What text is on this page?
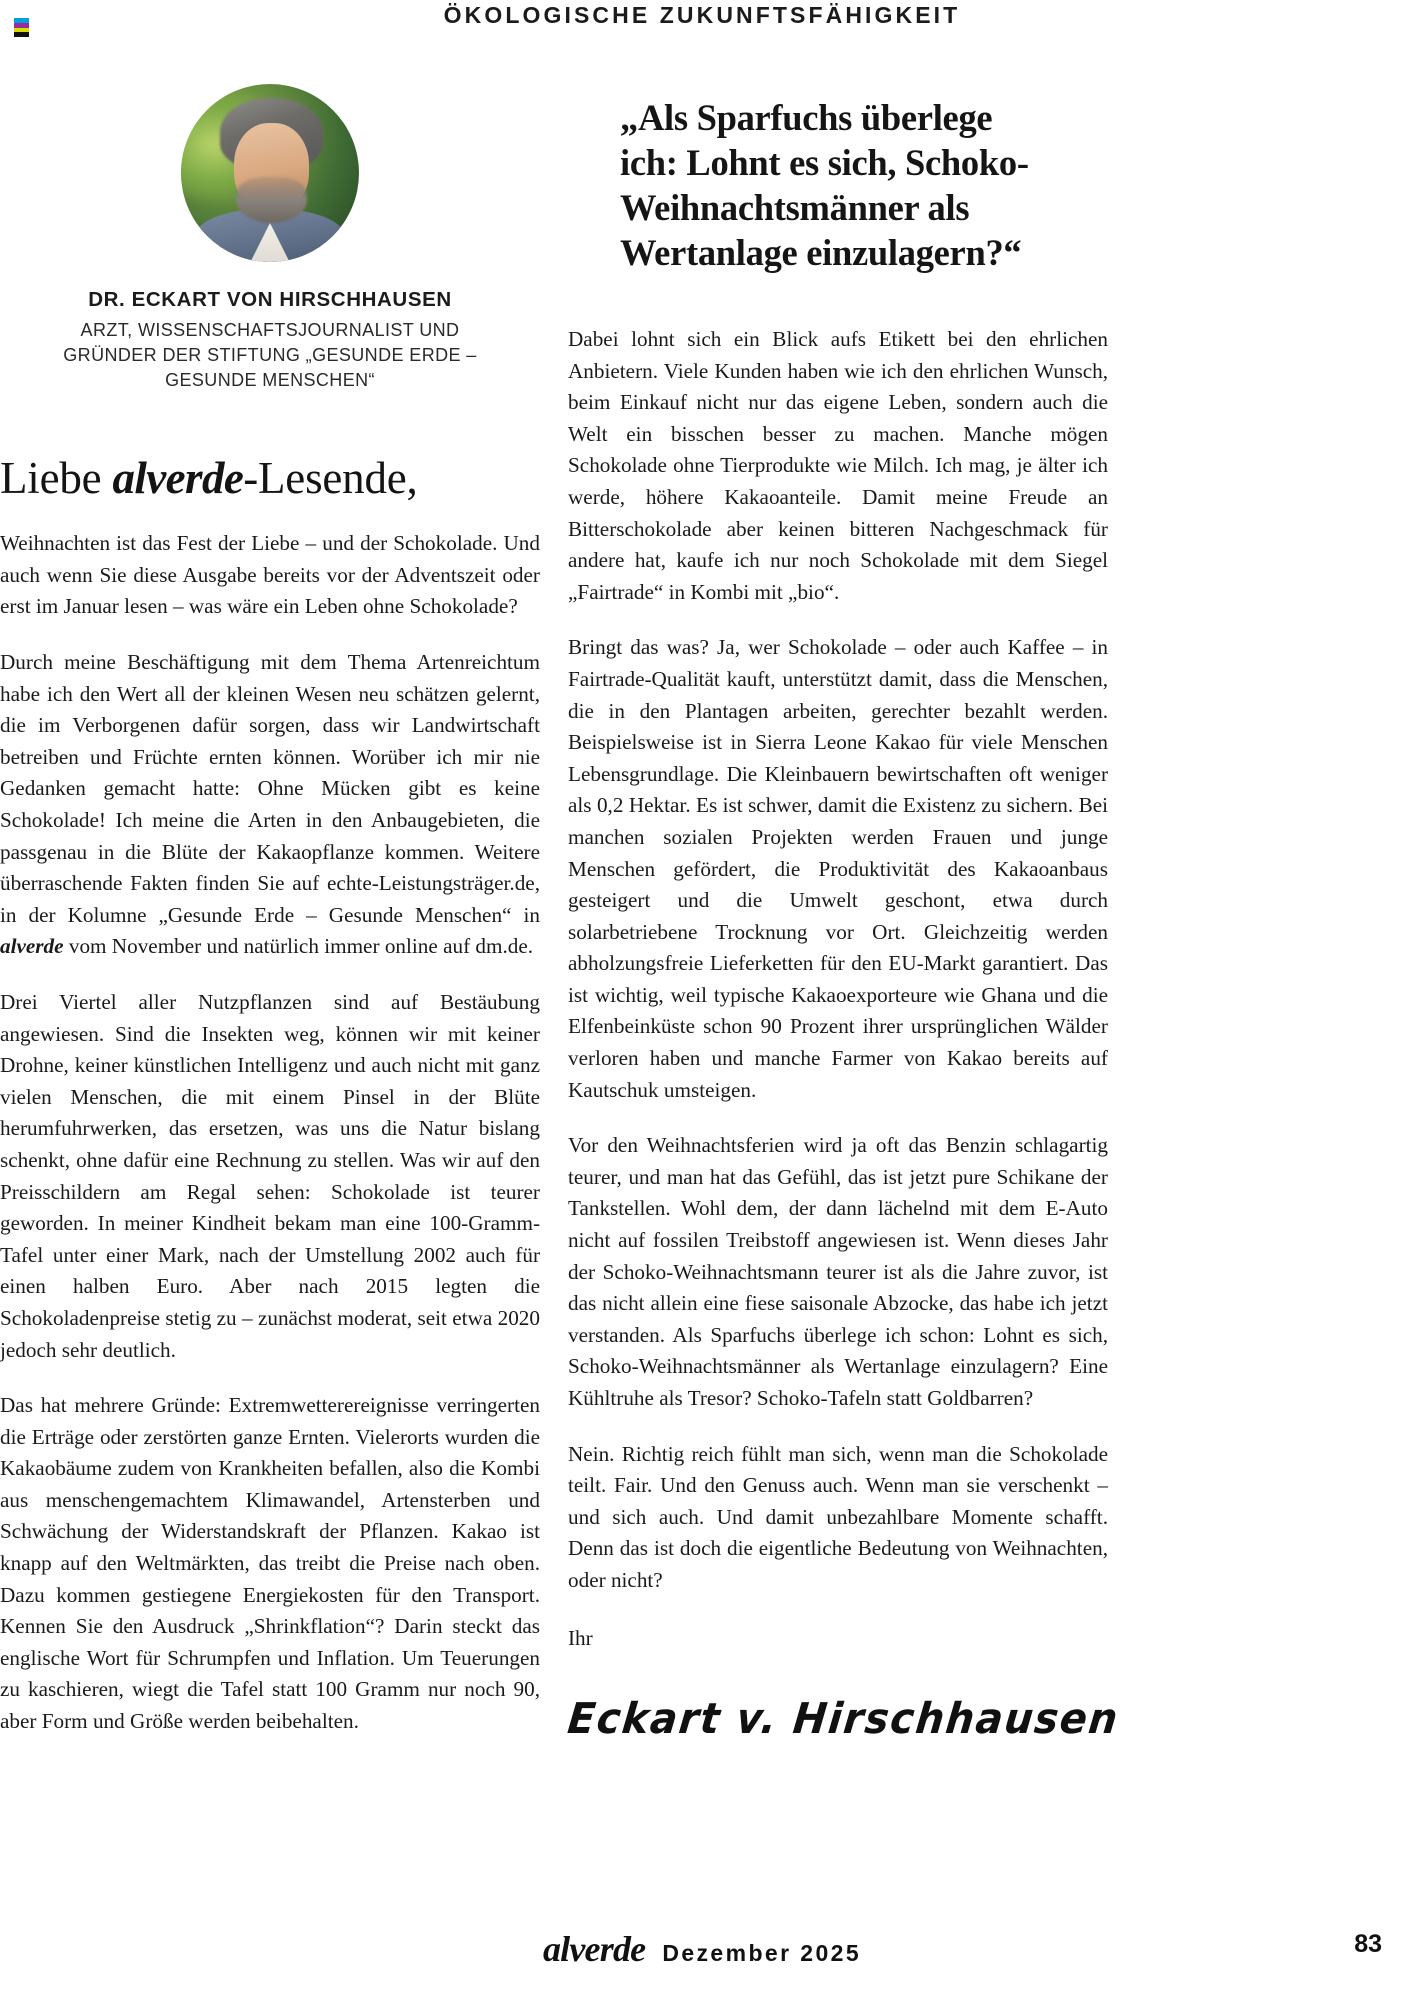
ÖKOLOGISCHE ZUKUNFTSFÄHIGKEIT
DR. ECKART VON HIRSCHHAUSEN
ARZT, WISSENSCHAFTSJOURNALIST UND
GRÜNDER DER STIFTUNG „GESUNDE ERDE –
GESUNDE MENSCHEN“
Liebe alverde-Lesende,

Weihnachten ist das Fest der Liebe – und der Schokolade. Und auch wenn Sie diese Ausgabe bereits vor der Adventszeit oder erst im Januar lesen – was wäre ein Leben ohne Schokolade?

Durch meine Beschäftigung mit dem Thema Artenreichtum habe ich den Wert all der kleinen Wesen neu schätzen gelernt, die im Verborgenen dafür sorgen, dass wir Landwirtschaft betreiben und Früchte ernten können. Worüber ich mir nie Gedanken gemacht hatte: Ohne Mücken gibt es keine Schokolade! Ich meine die Arten in den Anbaugebieten, die passgenau in die Blüte der Kakaopflanze kommen. Weitere überraschende Fakten finden Sie auf echte-Leistungsträger.de, in der Kolumne „Gesunde Erde – Gesunde Menschen“ in alverde vom November und natürlich immer online auf dm.de.

Drei Viertel aller Nutzpflanzen sind auf Bestäubung angewiesen. Sind die Insekten weg, können wir mit keiner Drohne, keiner künstlichen Intelligenz und auch nicht mit ganz vielen Menschen, die mit einem Pinsel in der Blüte herumfuhrwerken, das ersetzen, was uns die Natur bislang schenkt, ohne dafür eine Rechnung zu stellen. Was wir auf den Preisschildern am Regal sehen: Schokolade ist teurer geworden. In meiner Kindheit bekam man eine 100-Gramm-Tafel unter einer Mark, nach der Umstellung 2002 auch für einen halben Euro. Aber nach 2015 legten die Schokoladenpreise stetig zu – zunächst moderat, seit etwa 2020 jedoch sehr deutlich.

Das hat mehrere Gründe: Extremwetterereignisse verringerten die Erträge oder zerstörten ganze Ernten. Vielerorts wurden die Kakaobäume zudem von Krankheiten befallen, also die Kombi aus menschengemachtem Klimawandel, Artensterben und Schwächung der Widerstandskraft der Pflanzen. Kakao ist knapp auf den Weltmärkten, das treibt die Preise nach oben. Dazu kommen gestiegene Energiekosten für den Transport. Kennen Sie den Ausdruck „Shrinkflation“? Darin steckt das englische Wort für Schrumpfen und Inflation. Um Teuerungen zu kaschieren, wiegt die Tafel statt 100 Gramm nur noch 90, aber Form und Größe werden beibehalten.

„Als Sparfuchs überlege
ich: Lohnt es sich, Schoko-
Weihnachtsmänner als
Wertanlage einzulagern?“

Dabei lohnt sich ein Blick aufs Etikett bei den ehrlichen Anbietern. Viele Kunden haben wie ich den ehrlichen Wunsch, beim Einkauf nicht nur das eigene Leben, sondern auch die Welt ein bisschen besser zu machen. Manche mögen Schokolade ohne Tierprodukte wie Milch. Ich mag, je älter ich werde, höhere Kakaoanteile. Damit meine Freude an Bitterschokolade aber keinen bitteren Nachgeschmack für andere hat, kaufe ich nur noch Schokolade mit dem Siegel „Fairtrade“ in Kombi mit „bio“.

Bringt das was? Ja, wer Schokolade – oder auch Kaffee – in Fairtrade-Qualität kauft, unterstützt damit, dass die Menschen, die in den Plantagen arbeiten, gerechter bezahlt werden. Beispielsweise ist in Sierra Leone Kakao für viele Menschen Lebensgrundlage. Die Kleinbauern bewirtschaften oft weniger als 0,2 Hektar. Es ist schwer, damit die Existenz zu sichern. Bei manchen sozialen Projekten werden Frauen und junge Menschen gefördert, die Produktivität des Kakaoanbaus gesteigert und die Umwelt geschont, etwa durch solarbetriebene Trocknung vor Ort. Gleichzeitig werden abholzungsfreie Lieferketten für den EU-Markt garantiert. Das ist wichtig, weil typische Kakaoexporteure wie Ghana und die Elfenbeinküste schon 90 Prozent ihrer ursprünglichen Wälder verloren haben und manche Farmer von Kakao bereits auf Kautschuk umsteigen.

Vor den Weihnachtsferien wird ja oft das Benzin schlagartig teurer, und man hat das Gefühl, das ist jetzt pure Schikane der Tankstellen. Wohl dem, der dann lächelnd mit dem E-Auto nicht auf fossilen Treibstoff angewiesen ist. Wenn dieses Jahr der Schoko-Weihnachtsmann teurer ist als die Jahre zuvor, ist das nicht allein eine fiese saisonale Abzocke, das habe ich jetzt verstanden. Als Sparfuchs überlege ich schon: Lohnt es sich, Schoko-Weihnachtsmänner als Wertanlage einzulagern? Eine Kühltruhe als Tresor? Schoko-Tafeln statt Goldbarren?

Nein. Richtig reich fühlt man sich, wenn man die Schokolade teilt. Fair. Und den Genuss auch. Wenn man sie verschenkt – und sich auch. Und damit unbezahlbare Momente schafft. Denn das ist doch die eigentliche Bedeutung von Weihnachten, oder nicht?

Ihr
Eckart v. Hirschhausen
alverde Dezember 2025	83
